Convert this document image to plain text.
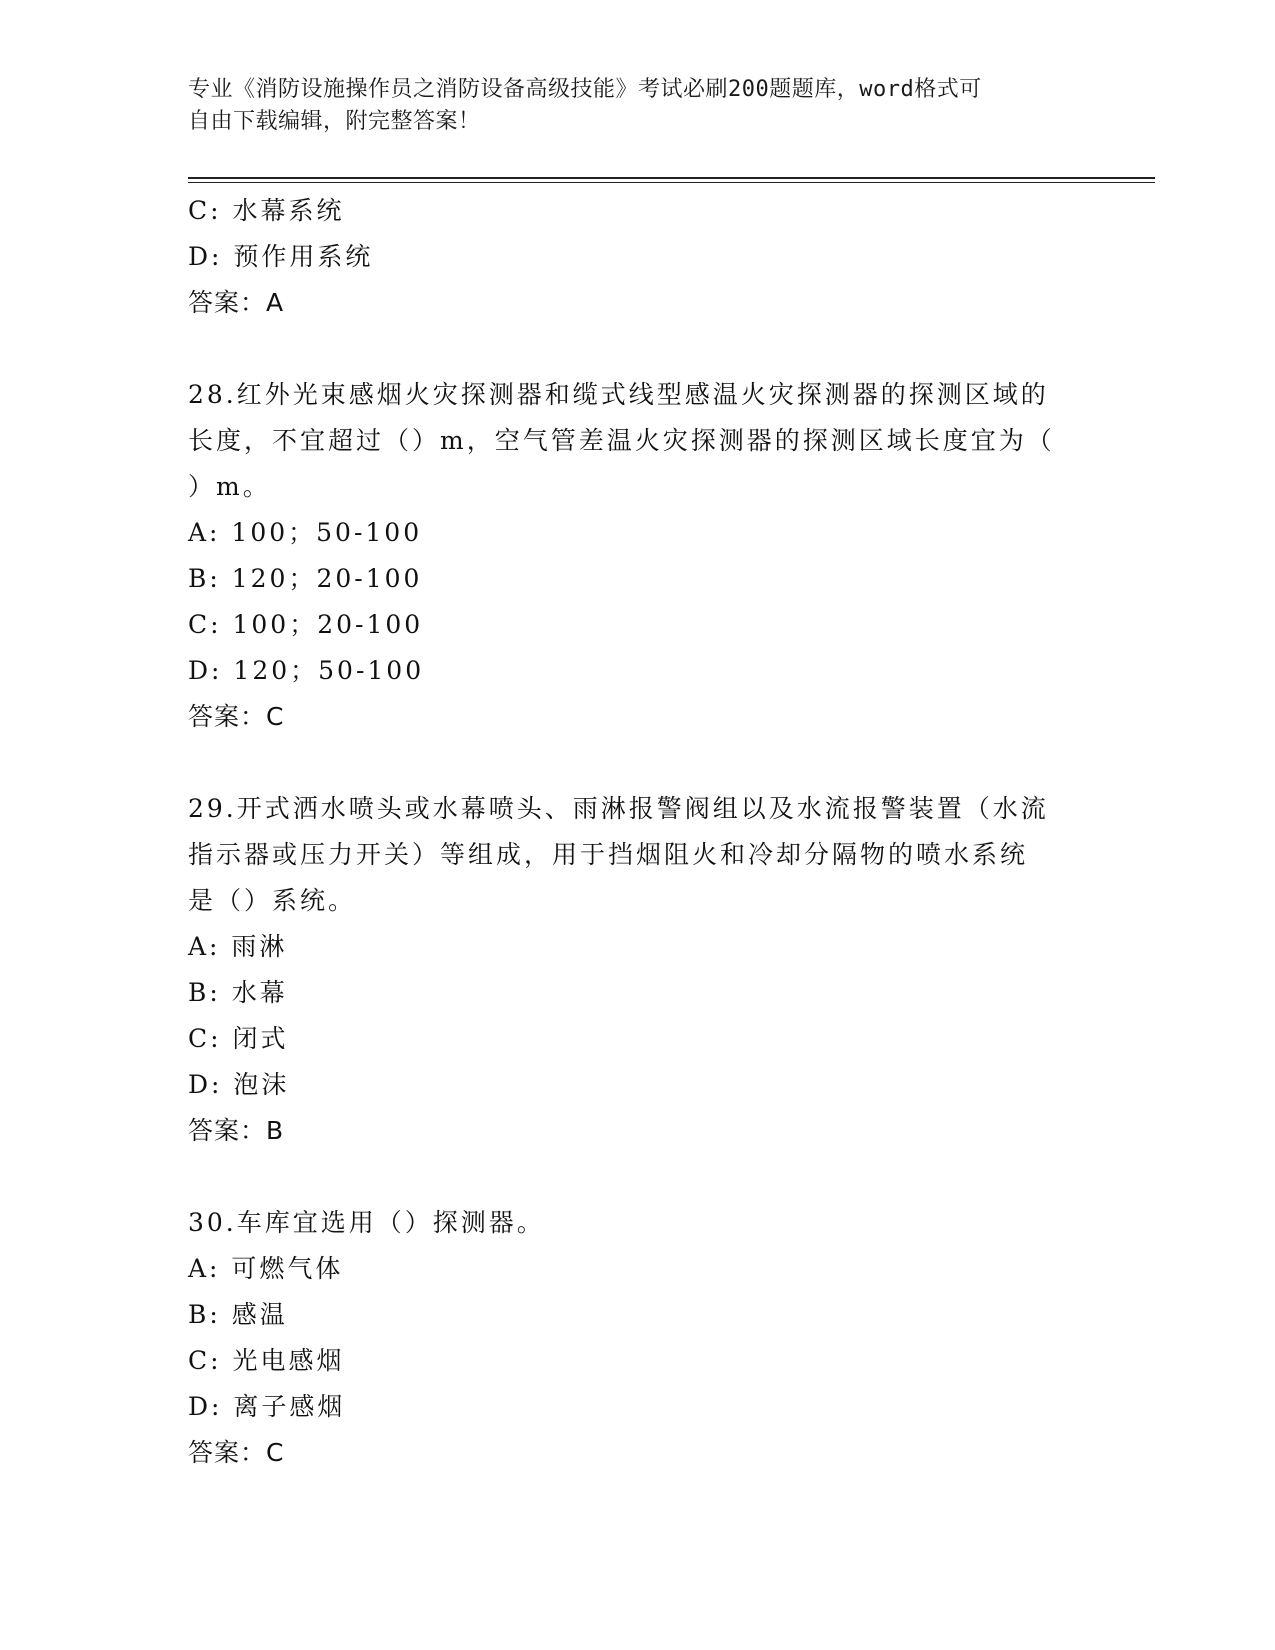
专业《消防设施操作员之消防设备高级技能》考试必刷200题题库，word格式可
自由下载编辑，附完整答案！
C: 水幕系统
D: 预作用系统
答案：A
28.红外光束感烟火灾探测器和缆式线型感温火灾探测器的探测区域的
长度，不宜超过（）m，空气管差温火灾探测器的探测区域长度宜为（
）m。
A: 100；50-100
B: 120；20-100
C: 100；20-100
D: 120；50-100
答案：C
29.开式洒水喷头或水幕喷头、雨淋报警阀组以及水流报警装置（水流
指示器或压力开关）等组成，用于挡烟阻火和冷却分隔物的喷水系统
是（）系统。
A: 雨淋
B: 水幕
C: 闭式
D: 泡沫
答案：B
30.车库宜选用（）探测器。
A: 可燃气体
B: 感温
C: 光电感烟
D: 离子感烟
答案：C
